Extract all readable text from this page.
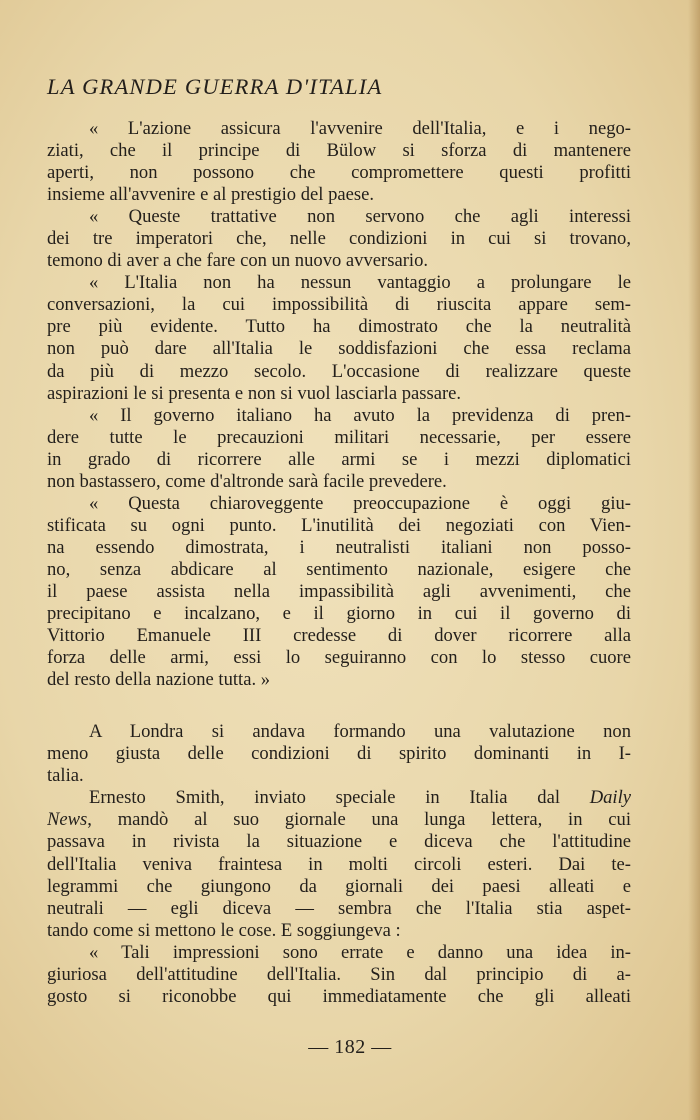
LA GRANDE GUERRA D'ITALIA
« L'azione assicura l'avvenire dell'Italia, e i nego-
ziati, che il principe di Bülow si sforza di mantenere
aperti, non possono che compromettere questi profitti
insieme all'avvenire e al prestigio del paese.
« Queste trattative non servono che agli interessi
dei tre imperatori che, nelle condizioni in cui si trovano,
temono di aver a che fare con un nuovo avversario.
« L'Italia non ha nessun vantaggio a prolungare le
conversazioni, la cui impossibilità di riuscita appare sem-
pre più evidente. Tutto ha dimostrato che la neutralità
non può dare all'Italia le soddisfazioni che essa reclama
da più di mezzo secolo. L'occasione di realizzare queste
aspirazioni le si presenta e non si vuol lasciarla passare.
« Il governo italiano ha avuto la previdenza di pren-
dere tutte le precauzioni militari necessarie, per essere
in grado di ricorrere alle armi se i mezzi diplomatici
non bastassero, come d'altronde sarà facile prevedere.
« Questa chiaroveggente preoccupazione è oggi giu-
stificata su ogni punto. L'inutilità dei negoziati con Vien-
na essendo dimostrata, i neutralisti italiani non posso-
no, senza abdicare al sentimento nazionale, esigere che
il paese assista nella impassibilità agli avvenimenti, che
precipitano e incalzano, e il giorno in cui il governo di
Vittorio Emanuele III credesse di dover ricorrere alla
forza delle armi, essi lo seguiranno con lo stesso cuore
del resto della nazione tutta. »
A Londra si andava formando una valutazione non
meno giusta delle condizioni di spirito dominanti in I-
talia.
Ernesto Smith, inviato speciale in Italia dal Daily
News, mandò al suo giornale una lunga lettera, in cui
passava in rivista la situazione e diceva che l'attitudine
dell'Italia veniva fraintesa in molti circoli esteri. Dai te-
legrammi che giungono da giornali dei paesi alleati e
neutrali — egli diceva — sembra che l'Italia stia aspet-
tando come si mettono le cose. E soggiungeva :
« Tali impressioni sono errate e danno una idea in-
giuriosa dell'attitudine dell'Italia. Sin dal principio di a-
gosto si riconobbe qui immediatamente che gli alleati
— 182 —
